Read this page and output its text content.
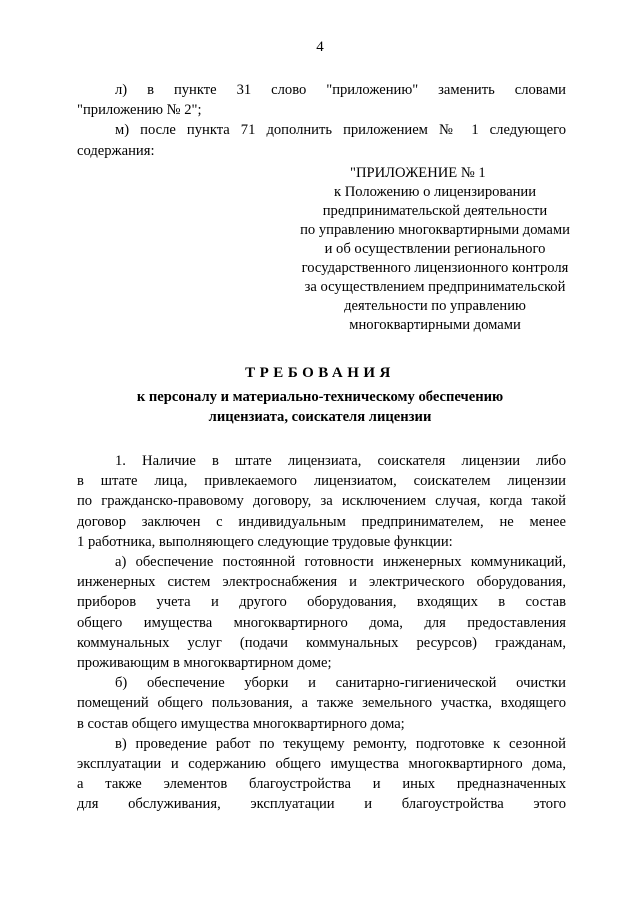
4
л) в пункте 31 слово "приложению" заменить словами
"приложению № 2";
м) после пункта 71 дополнить приложением № 1 следующего
содержания:
"ПРИЛОЖЕНИЕ № 1
к Положению о лицензировании
предпринимательской деятельности
по управлению многоквартирными домами
и об осуществлении регионального
государственного лицензионного контроля
за осуществлением предпринимательской
деятельности по управлению
многоквартирными домами
ТРЕБОВАНИЯ
к персоналу и материально-техническому обеспечению
лицензиата, соискателя лицензии
1. Наличие в штате лицензиата, соискателя лицензии либо
в штате лица, привлекаемого лицензиатом, соискателем лицензии
по гражданско-правовому договору, за исключением случая, когда такой
договор заключен с индивидуальным предпринимателем, не менее
1 работника, выполняющего следующие трудовые функции:
а) обеспечение постоянной готовности инженерных коммуникаций,
инженерных систем электроснабжения и электрического оборудования,
приборов учета и другого оборудования, входящих в состав
общего имущества многоквартирного дома, для предоставления
коммунальных услуг (подачи коммунальных ресурсов) гражданам,
проживающим в многоквартирном доме;
б) обеспечение уборки и санитарно-гигиенической очистки
помещений общего пользования, а также земельного участка, входящего
в состав общего имущества многоквартирного дома;
в) проведение работ по текущему ремонту, подготовке к сезонной
эксплуатации и содержанию общего имущества многоквартирного дома,
а также элементов благоустройства и иных предназначенных
для обслуживания, эксплуатации и благоустройства этого
